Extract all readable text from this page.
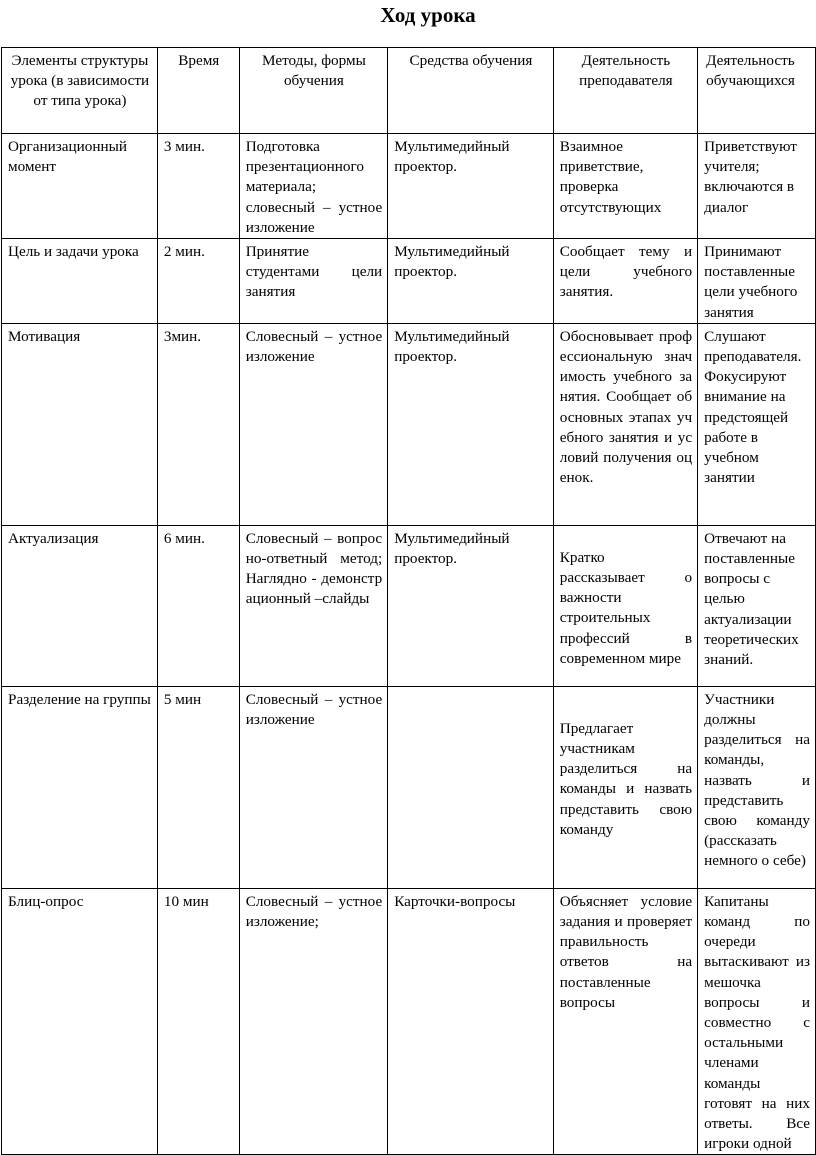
Ход урока
Элементы структуры урока (в зависимости от типа урока)	Время	Методы, формы обучения	Средства обучения	Деятельность преподавателя	Деятельность обучающихся
Организационный момент	3 мин.	Подготовка презентационного материала; словесный – устное изложение	Мультимедийный проектор.	Взаимное приветствие, проверка отсутствующих	Приветствуют учителя; включаются в диалог
Цель и задачи урока	2 мин.	Принятие студентами цели занятия	Мультимедийный проектор.	Сообщает тему и цели учебного занятия.	Принимают поставленные цели учебного занятия
Мотивация	3мин.	Словесный – устное изложение	Мультимедийный проектор.	Обосновывает профессиональную значимость учебного занятия. Сообщает об основных этапах учебного занятия и условий получения оценок.	Слушают преподавателя. Фокусируют внимание на предстоящей работе в учебном занятии
Актуализация	6 мин.	Словесный – вопросно-ответный метод; Наглядно - демонстрационный –слайды	Мультимедийный проектор.	Кратко рассказывает о важности строительных профессий в современном мире	Отвечают на поставленные вопросы с целью актуализации теоретических знаний.
Разделение на группы	5 мин	Словесный – устное изложение		Предлагает участникам разделиться на команды и назвать представить свою команду	Участники должны разделиться на команды, назвать и представить свою команду (рассказать немного о себе)
Блиц-опрос	10 мин	Словесный – устное изложение;	Карточки-вопросы	Объясняет условие задания и проверяет правильность ответов на поставленные вопросы	Капитаны команд по очереди вытаскивают из мешочка вопросы и совместно с остальными членами команды готовят на них ответы. Все игроки одной
